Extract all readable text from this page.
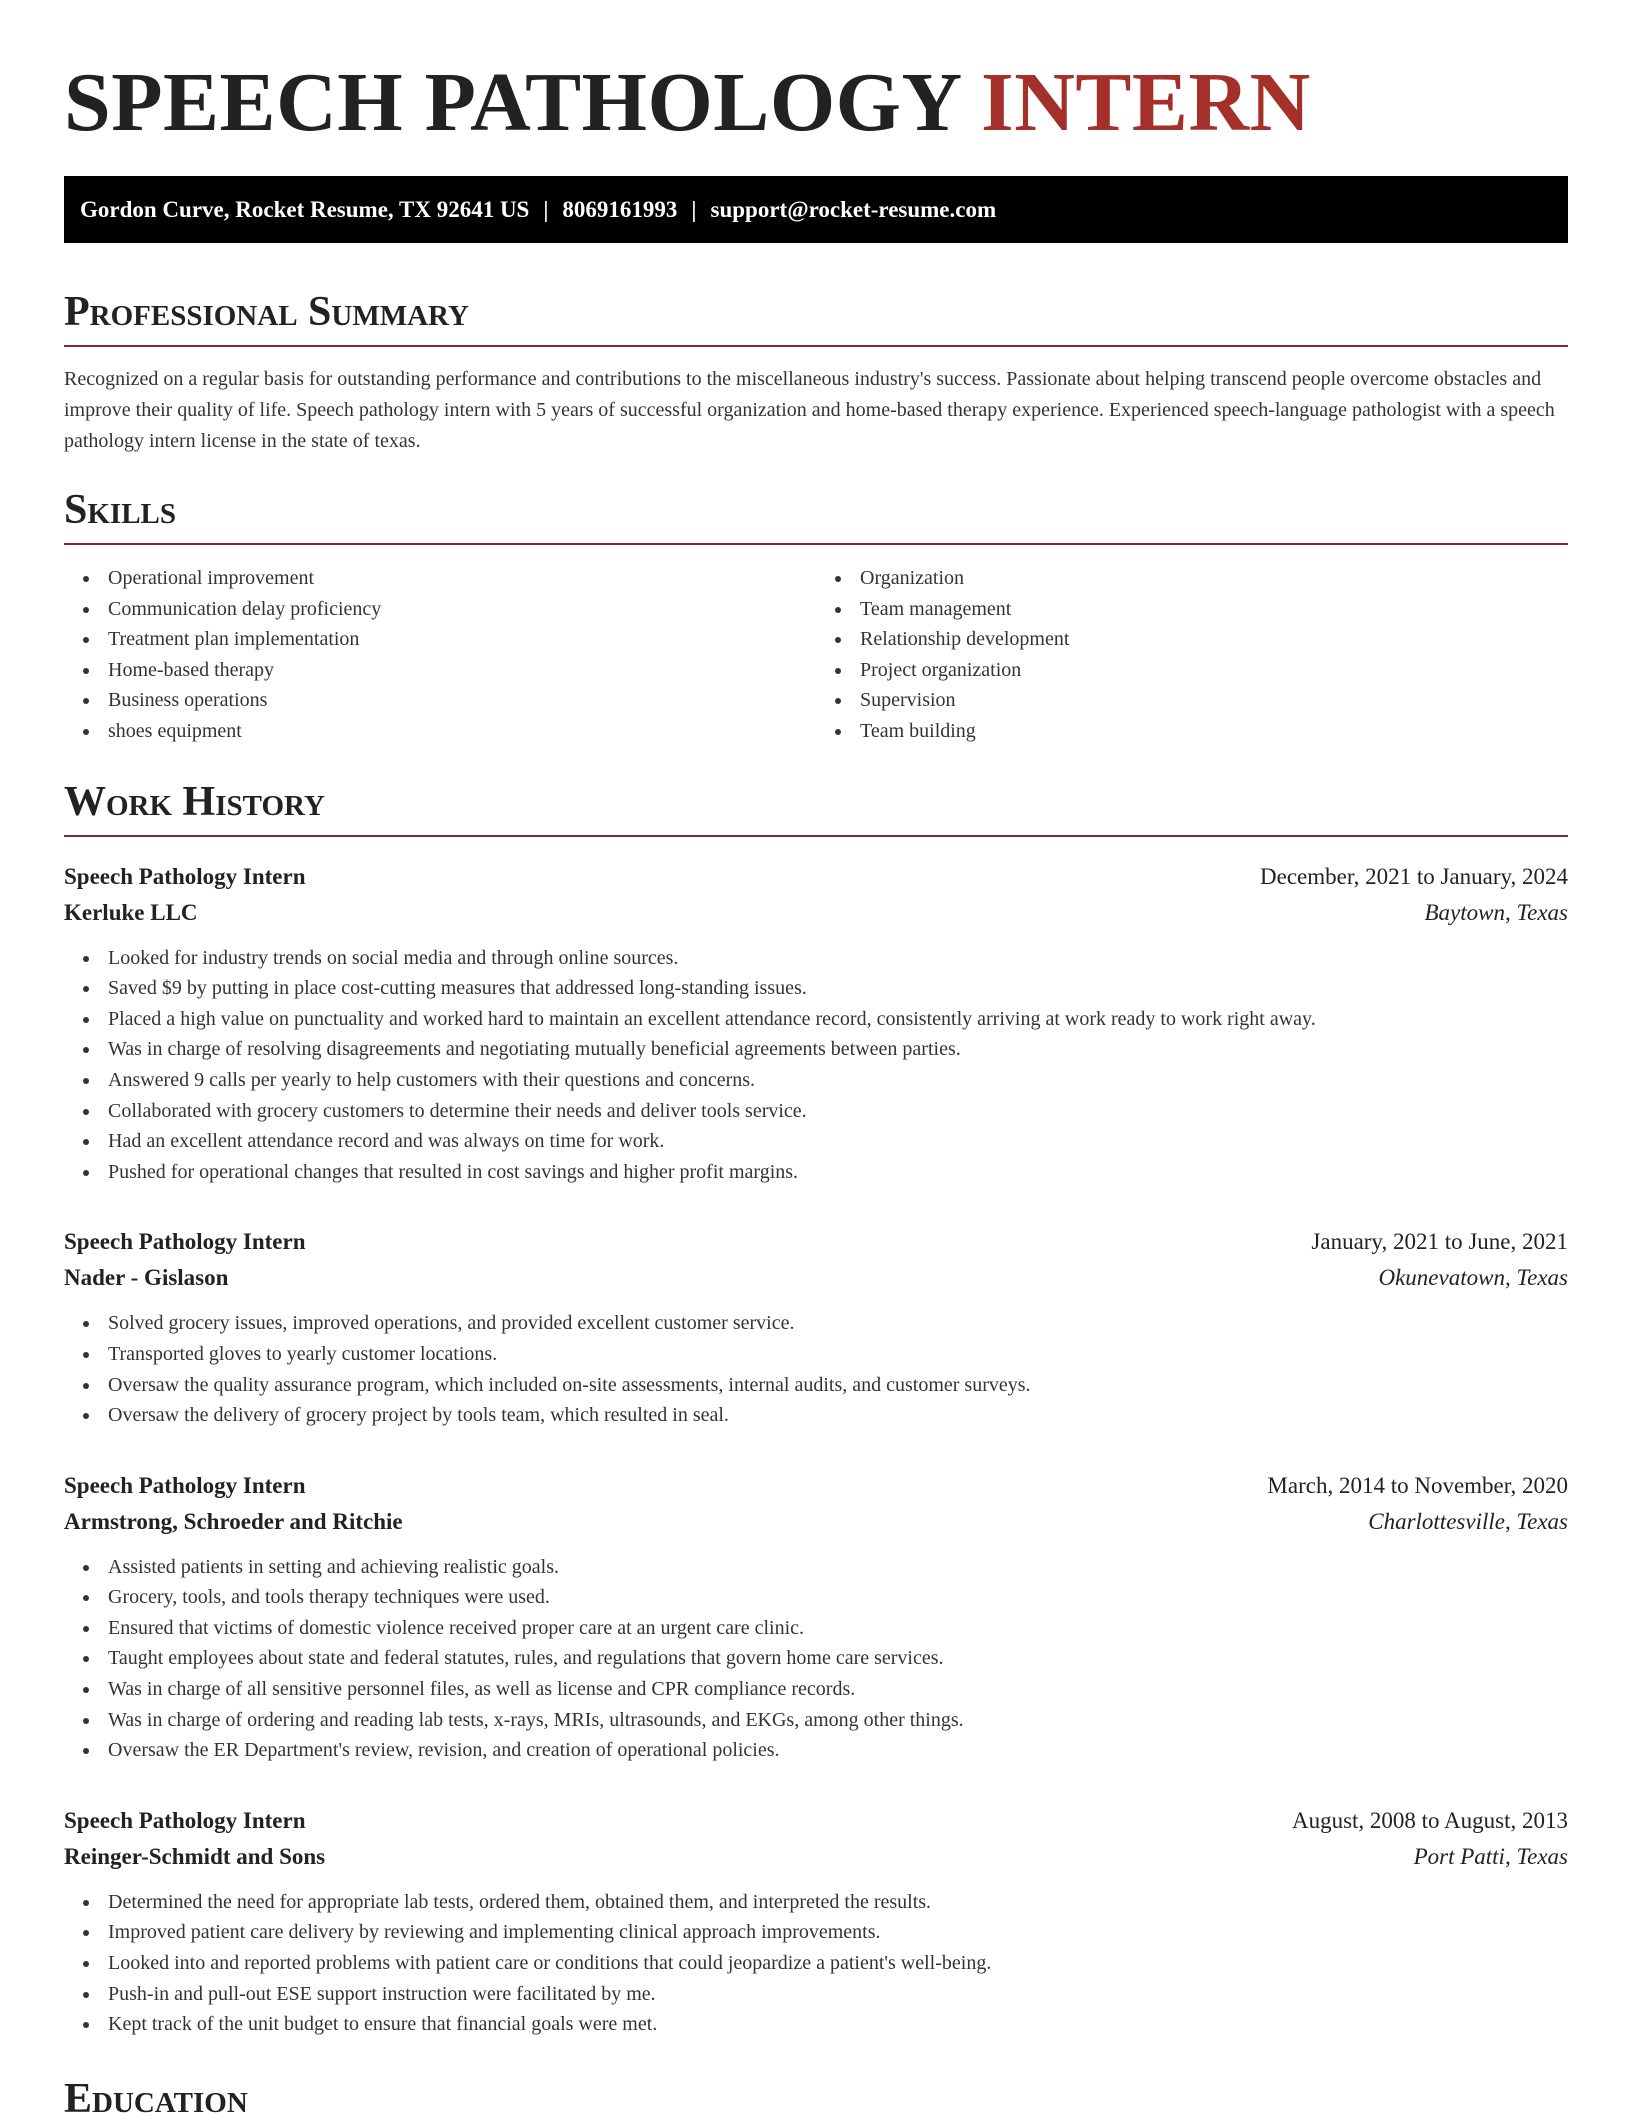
SPEECH PATHOLOGY INTERN
Gordon Curve, Rocket Resume, TX 92641 US | 8069161993 | support@rocket-resume.com
Professional Summary

Recognized on a regular basis for outstanding performance and contributions to the miscellaneous industry's success. Passionate about helping transcend people overcome obstacles and improve their quality of life. Speech pathology intern with 5 years of successful organization and home-based therapy experience. Experienced speech-language pathologist with a speech pathology intern license in the state of texas.

Skills
Operational improvement
Communication delay proficiency
Treatment plan implementation
Home-based therapy
Business operations
shoes equipment
Organization
Team management
Relationship development
Project organization
Supervision
Team building
Work History
Speech Pathology Intern	December, 2021 to January, 2024
Kerluke LLC	Baytown, Texas
Looked for industry trends on social media and through online sources.
Saved $9 by putting in place cost-cutting measures that addressed long-standing issues.
Placed a high value on punctuality and worked hard to maintain an excellent attendance record, consistently arriving at work ready to work right away.
Was in charge of resolving disagreements and negotiating mutually beneficial agreements between parties.
Answered 9 calls per yearly to help customers with their questions and concerns.
Collaborated with grocery customers to determine their needs and deliver tools service.
Had an excellent attendance record and was always on time for work.
Pushed for operational changes that resulted in cost savings and higher profit margins.
Speech Pathology Intern	January, 2021 to June, 2021
Nader - Gislason	Okunevatown, Texas
Solved grocery issues, improved operations, and provided excellent customer service.
Transported gloves to yearly customer locations.
Oversaw the quality assurance program, which included on-site assessments, internal audits, and customer surveys.
Oversaw the delivery of grocery project by tools team, which resulted in seal.
Speech Pathology Intern	March, 2014 to November, 2020
Armstrong, Schroeder and Ritchie	Charlottesville, Texas
Assisted patients in setting and achieving realistic goals.
Grocery, tools, and tools therapy techniques were used.
Ensured that victims of domestic violence received proper care at an urgent care clinic.
Taught employees about state and federal statutes, rules, and regulations that govern home care services.
Was in charge of all sensitive personnel files, as well as license and CPR compliance records.
Was in charge of ordering and reading lab tests, x-rays, MRIs, ultrasounds, and EKGs, among other things.
Oversaw the ER Department's review, revision, and creation of operational policies.
Speech Pathology Intern	August, 2008 to August, 2013
Reinger-Schmidt and Sons	Port Patti, Texas
Determined the need for appropriate lab tests, ordered them, obtained them, and interpreted the results.
Improved patient care delivery by reviewing and implementing clinical approach improvements.
Looked into and reported problems with patient care or conditions that could jeopardize a patient's well-being.
Push-in and pull-out ESE support instruction were facilitated by me.
Kept track of the unit budget to ensure that financial goals were met.
Education
